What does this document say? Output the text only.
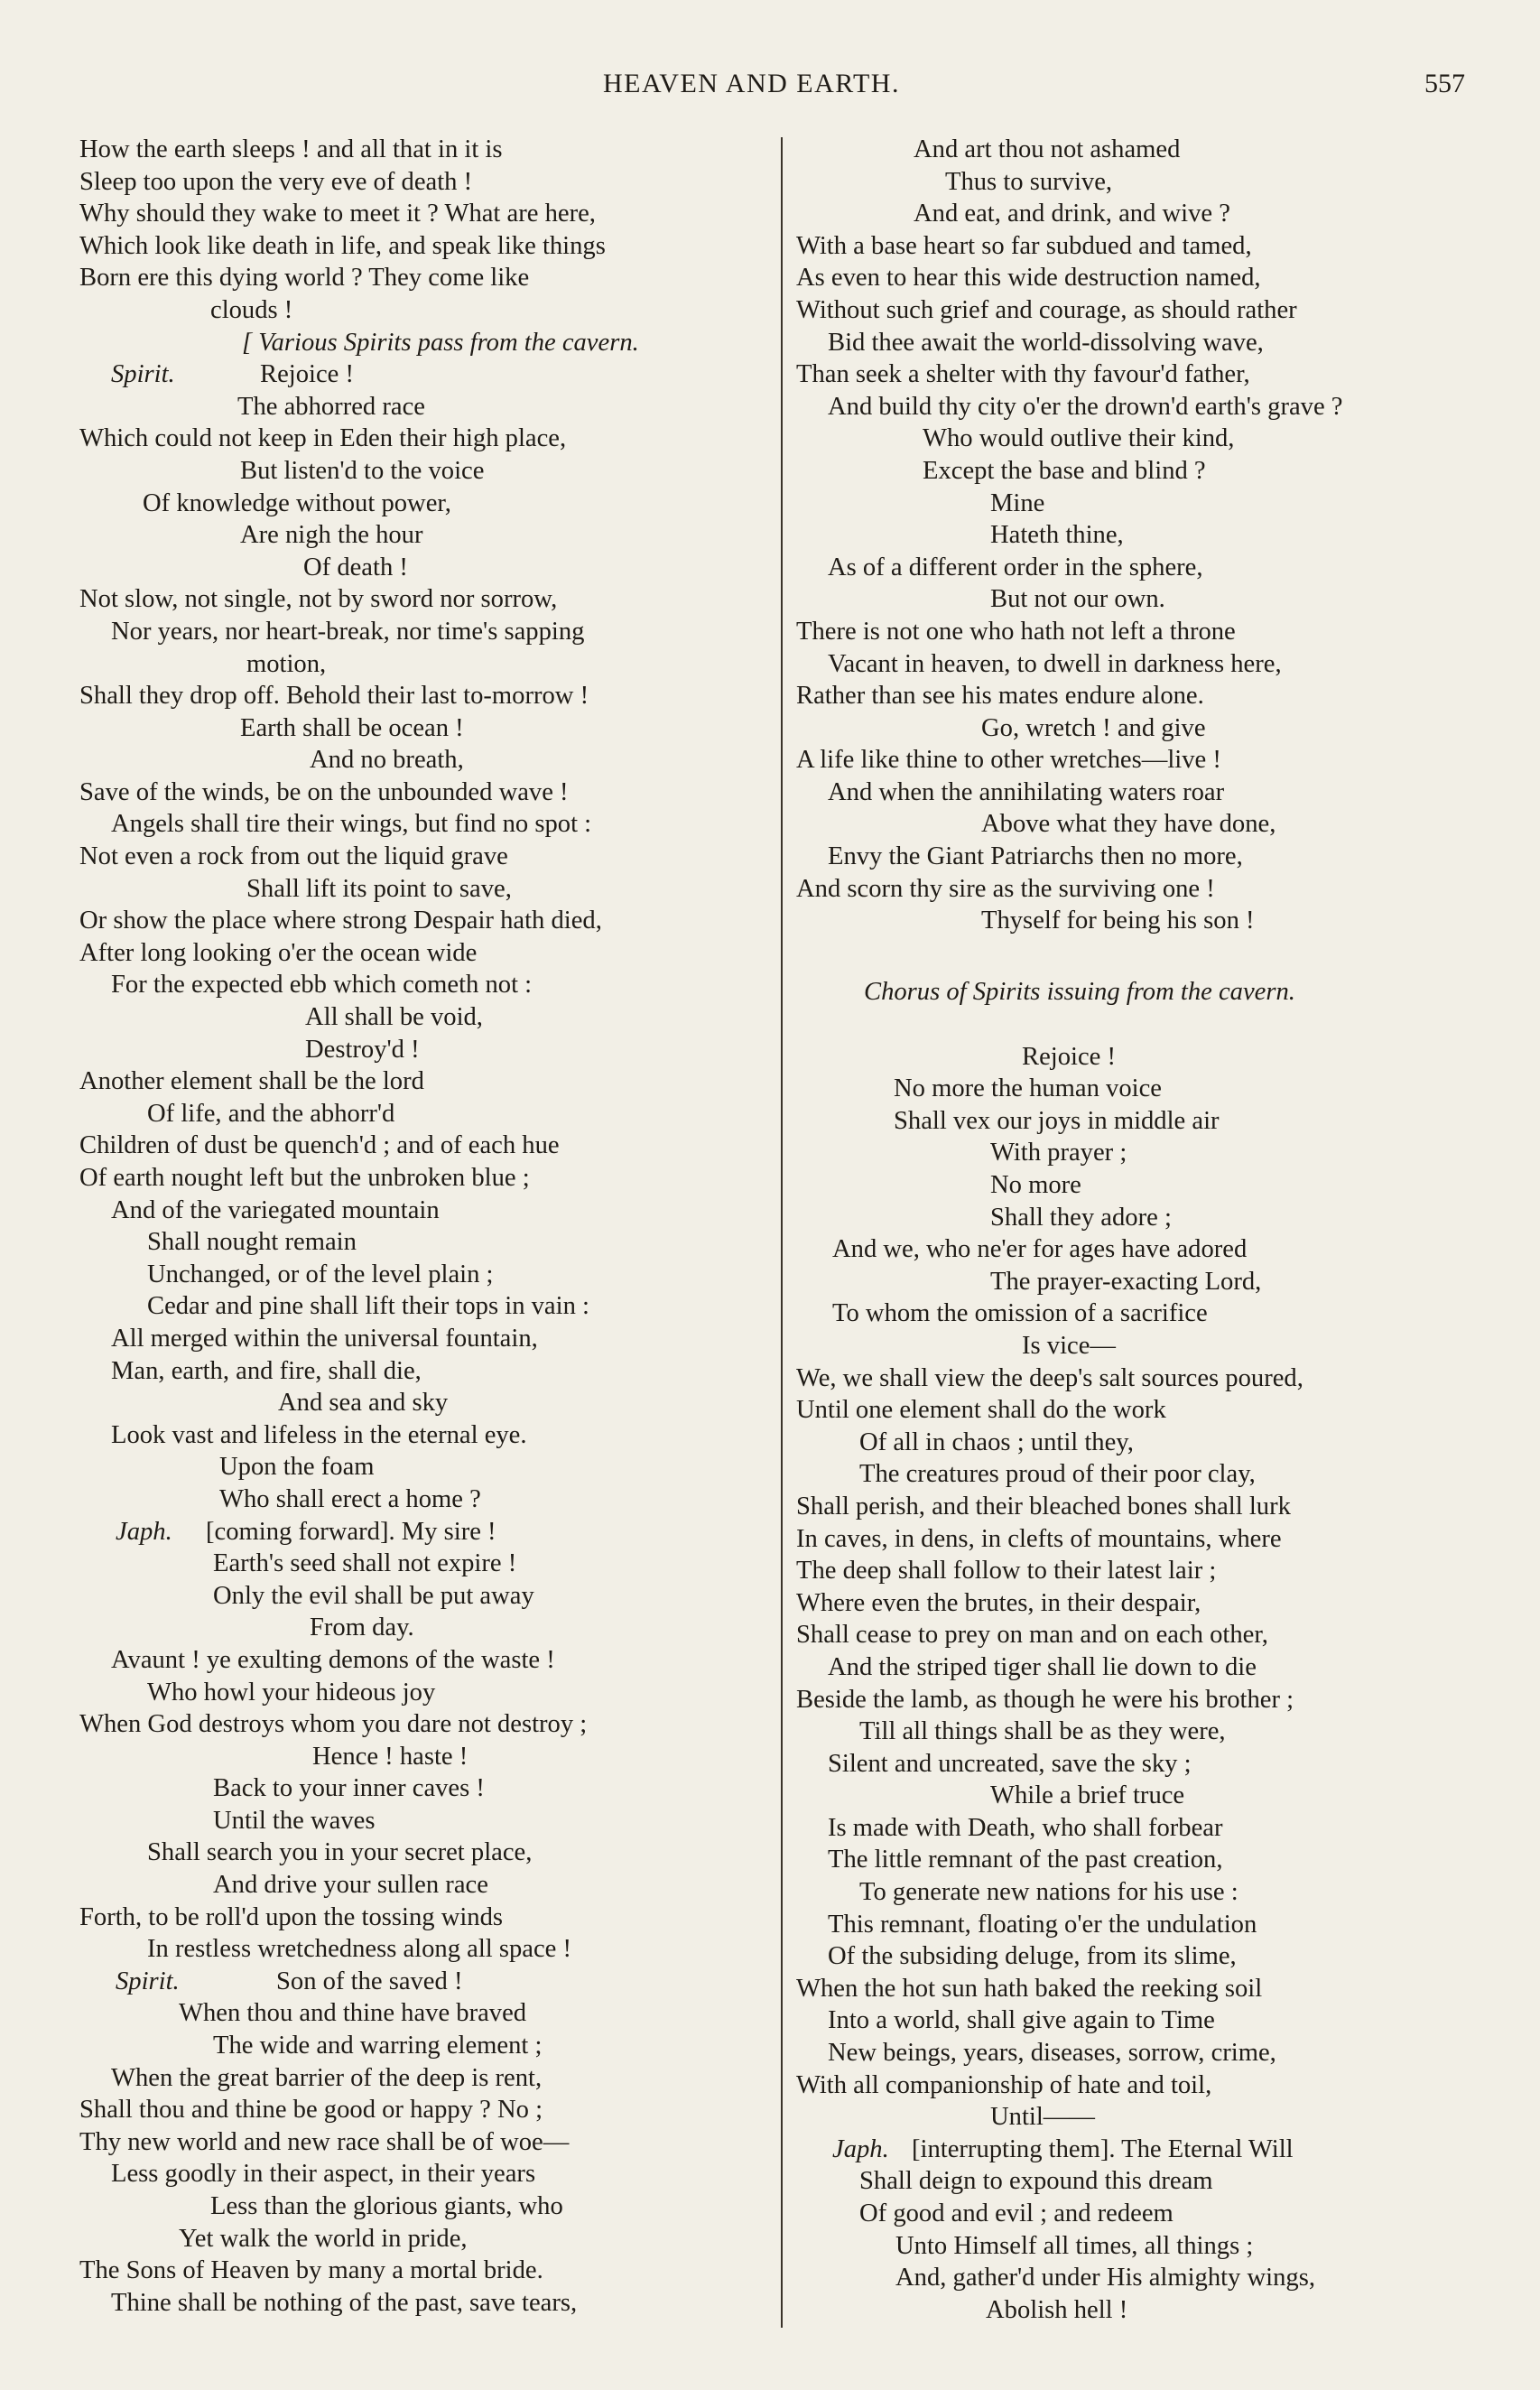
HEAVEN AND EARTH.	557
How the earth sleeps ! and all that in it is
Sleep too upon the very eve of death !
Why should they wake to meet it ? What are here,
Which look like death in life, and speak like things
Born ere this dying world ? They come like
clouds !
[ Various Spirits pass from the cavern.
Spirit.	Rejoice !
The abhorred race
Which could not keep in Eden their high place,
But listen'd to the voice
Of knowledge without power,
Are nigh the hour
Of death !
Not slow, not single, not by sword nor sorrow,
Nor years, nor heart-break, nor time's sapping
motion,
Shall they drop off. Behold their last to-morrow !
Earth shall be ocean !
And no breath,
Save of the winds, be on the unbounded wave !
Angels shall tire their wings, but find no spot :
Not even a rock from out the liquid grave
Shall lift its point to save,
Or show the place where strong Despair hath died,
After long looking o'er the ocean wide
For the expected ebb which cometh not :
All shall be void,
Destroy'd !
Another element shall be the lord
Of life, and the abhorr'd
Children of dust be quench'd ; and of each hue
Of earth nought left but the unbroken blue ;
And of the variegated mountain
Shall nought remain
Unchanged, or of the level plain ;
Cedar and pine shall lift their tops in vain :
All merged within the universal fountain,
Man, earth, and fire, shall die,
And sea and sky
Look vast and lifeless in the eternal eye.
Upon the foam
Who shall erect a home ?
Japh. [coming forward]. My sire !
Earth's seed shall not expire !
Only the evil shall be put away
From day.
Avaunt ! ye exulting demons of the waste !
Who howl your hideous joy
When God destroys whom you dare not destroy ;
Hence ! haste !
Back to your inner caves !
Until the waves
Shall search you in your secret place,
And drive your sullen race
Forth, to be roll'd upon the tossing winds
In restless wretchedness along all space !
Spirit.	Son of the saved !
When thou and thine have braved
The wide and warring element ;
When the great barrier of the deep is rent,
Shall thou and thine be good or happy ? No ;
Thy new world and new race shall be of woe—
Less goodly in their aspect, in their years
Less than the glorious giants, who
Yet walk the world in pride,
The Sons of Heaven by many a mortal bride.
Thine shall be nothing of the past, save tears,
And art thou not ashamed
Thus to survive,
And eat, and drink, and wive ?
With a base heart so far subdued and tamed,
As even to hear this wide destruction named,
Without such grief and courage, as should rather
Bid thee await the world-dissolving wave,
Than seek a shelter with thy favour'd father,
And build thy city o'er the drown'd earth's grave ?
Who would outlive their kind,
Except the base and blind ?
Mine
Hateth thine,
As of a different order in the sphere,
But not our own.
There is not one who hath not left a throne
Vacant in heaven, to dwell in darkness here,
Rather than see his mates endure alone.
Go, wretch ! and give
A life like thine to other wretches—live !
And when the annihilating waters roar
Above what they have done,
Envy the Giant Patriarchs then no more,
And scorn thy sire as the surviving one !
Thyself for being his son !
Chorus of Spirits issuing from the cavern.
Rejoice !
No more the human voice
Shall vex our joys in middle air
With prayer ;
No more
Shall they adore ;
And we, who ne'er for ages have adored
The prayer-exacting Lord,
To whom the omission of a sacrifice
Is vice—
We, we shall view the deep's salt sources poured,
Until one element shall do the work
Of all in chaos ; until they,
The creatures proud of their poor clay,
Shall perish, and their bleached bones shall lurk
In caves, in dens, in clefts of mountains, where
The deep shall follow to their latest lair ;
Where even the brutes, in their despair,
Shall cease to prey on man and on each other,
And the striped tiger shall lie down to die
Beside the lamb, as though he were his brother ;
Till all things shall be as they were,
Silent and uncreated, save the sky ;
While a brief truce
Is made with Death, who shall forbear
The little remnant of the past creation,
To generate new nations for his use :
This remnant, floating o'er the undulation
Of the subsiding deluge, from its slime,
When the hot sun hath baked the reeking soil
Into a world, shall give again to Time
New beings, years, diseases, sorrow, crime,
With all companionship of hate and toil,
Until——
Japh. [interrupting them]. The Eternal Will
Shall deign to expound this dream
Of good and evil ; and redeem
Unto Himself all times, all things ;
And, gather'd under His almighty wings,
Abolish hell !
